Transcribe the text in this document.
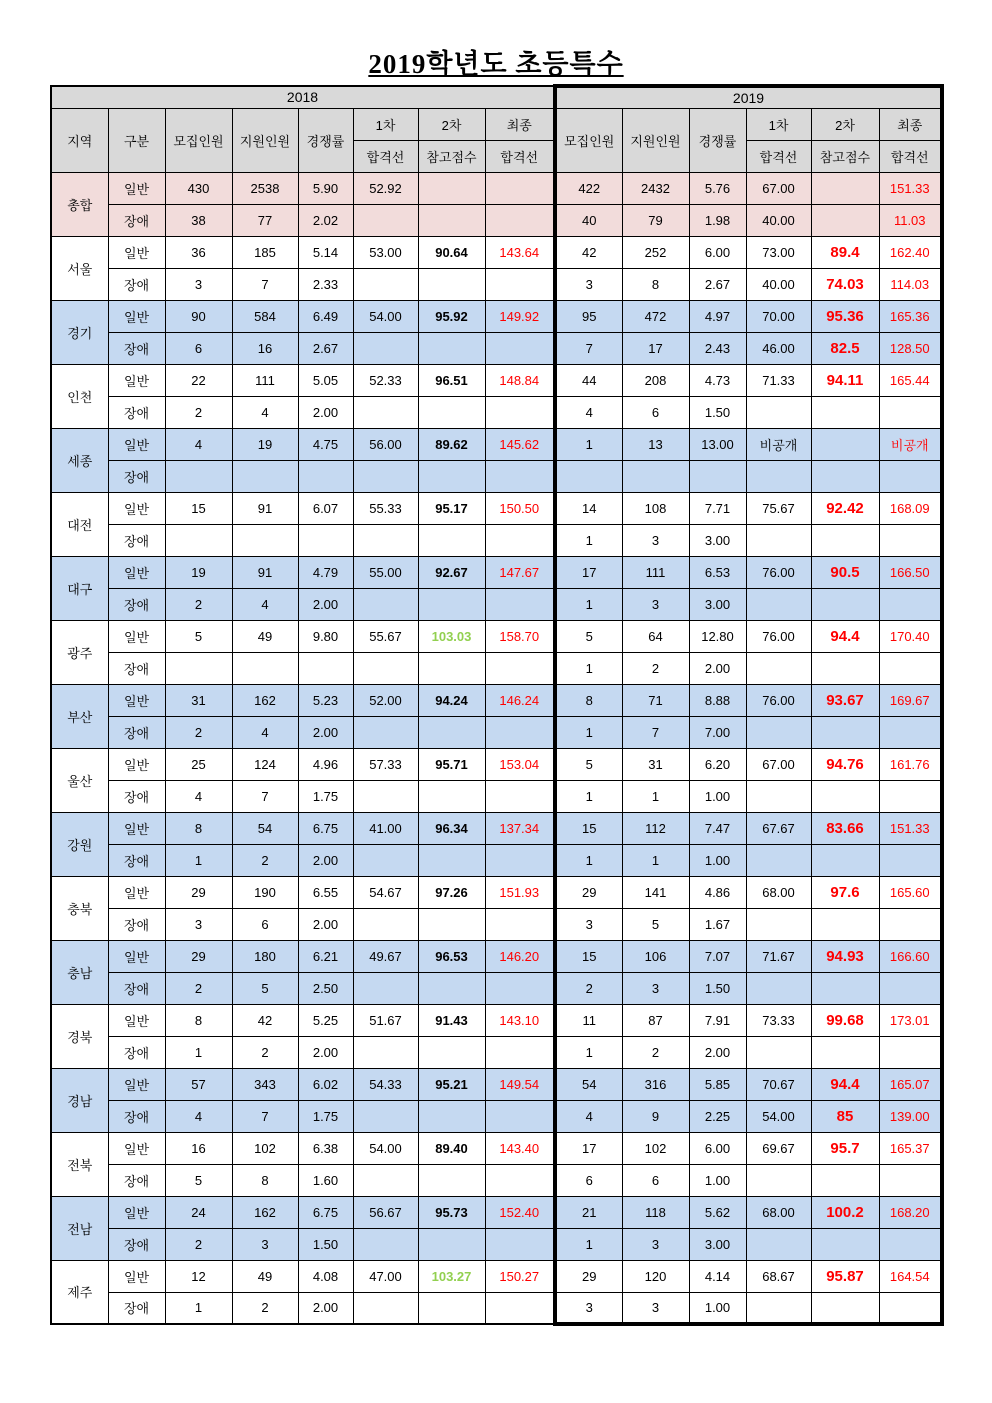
2019학년도 초등특수
2018								2019					
지역	구분	모집인원	지원인원	경쟁률	1차	2차	최종	모집인원	지원인원	경쟁률	1차	2차	최종
					합격선	참고점수	합격선				합격선	참고점수	합격선
총합	일반	430	2538	5.90	52.92			422	2432	5.76	67.00		151.33
	장애	38	77	2.02				40	79	1.98	40.00		11.03
서울	일반	36	185	5.14	53.00	90.64	143.64	42	252	6.00	73.00	89.4	162.40
	장애	3	7	2.33				3	8	2.67	40.00	74.03	114.03
경기	일반	90	584	6.49	54.00	95.92	149.92	95	472	4.97	70.00	95.36	165.36
	장애	6	16	2.67				7	17	2.43	46.00	82.5	128.50
인천	일반	22	111	5.05	52.33	96.51	148.84	44	208	4.73	71.33	94.11	165.44
	장애	2	4	2.00				4	6	1.50			
세종	일반	4	19	4.75	56.00	89.62	145.62	1	13	13.00	비공개		비공개
	장애												
대전	일반	15	91	6.07	55.33	95.17	150.50	14	108	7.71	75.67	92.42	168.09
	장애							1	3	3.00			
대구	일반	19	91	4.79	55.00	92.67	147.67	17	111	6.53	76.00	90.5	166.50
	장애	2	4	2.00				1	3	3.00			
광주	일반	5	49	9.80	55.67	103.03	158.70	5	64	12.80	76.00	94.4	170.40
	장애							1	2	2.00			
부산	일반	31	162	5.23	52.00	94.24	146.24	8	71	8.88	76.00	93.67	169.67
	장애	2	4	2.00				1	7	7.00			
울산	일반	25	124	4.96	57.33	95.71	153.04	5	31	6.20	67.00	94.76	161.76
	장애	4	7	1.75				1	1	1.00			
강원	일반	8	54	6.75	41.00	96.34	137.34	15	112	7.47	67.67	83.66	151.33
	장애	1	2	2.00				1	1	1.00			
충북	일반	29	190	6.55	54.67	97.26	151.93	29	141	4.86	68.00	97.6	165.60
	장애	3	6	2.00				3	5	1.67			
충남	일반	29	180	6.21	49.67	96.53	146.20	15	106	7.07	71.67	94.93	166.60
	장애	2	5	2.50				2	3	1.50			
경북	일반	8	42	5.25	51.67	91.43	143.10	11	87	7.91	73.33	99.68	173.01
	장애	1	2	2.00				1	2	2.00			
경남	일반	57	343	6.02	54.33	95.21	149.54	54	316	5.85	70.67	94.4	165.07
	장애	4	7	1.75				4	9	2.25	54.00	85	139.00
전북	일반	16	102	6.38	54.00	89.40	143.40	17	102	6.00	69.67	95.7	165.37
	장애	5	8	1.60				6	6	1.00			
전남	일반	24	162	6.75	56.67	95.73	152.40	21	118	5.62	68.00	100.2	168.20
	장애	2	3	1.50				1	3	3.00			
제주	일반	12	49	4.08	47.00	103.27	150.27	29	120	4.14	68.67	95.87	164.54
	장애	1	2	2.00				3	3	1.00			
